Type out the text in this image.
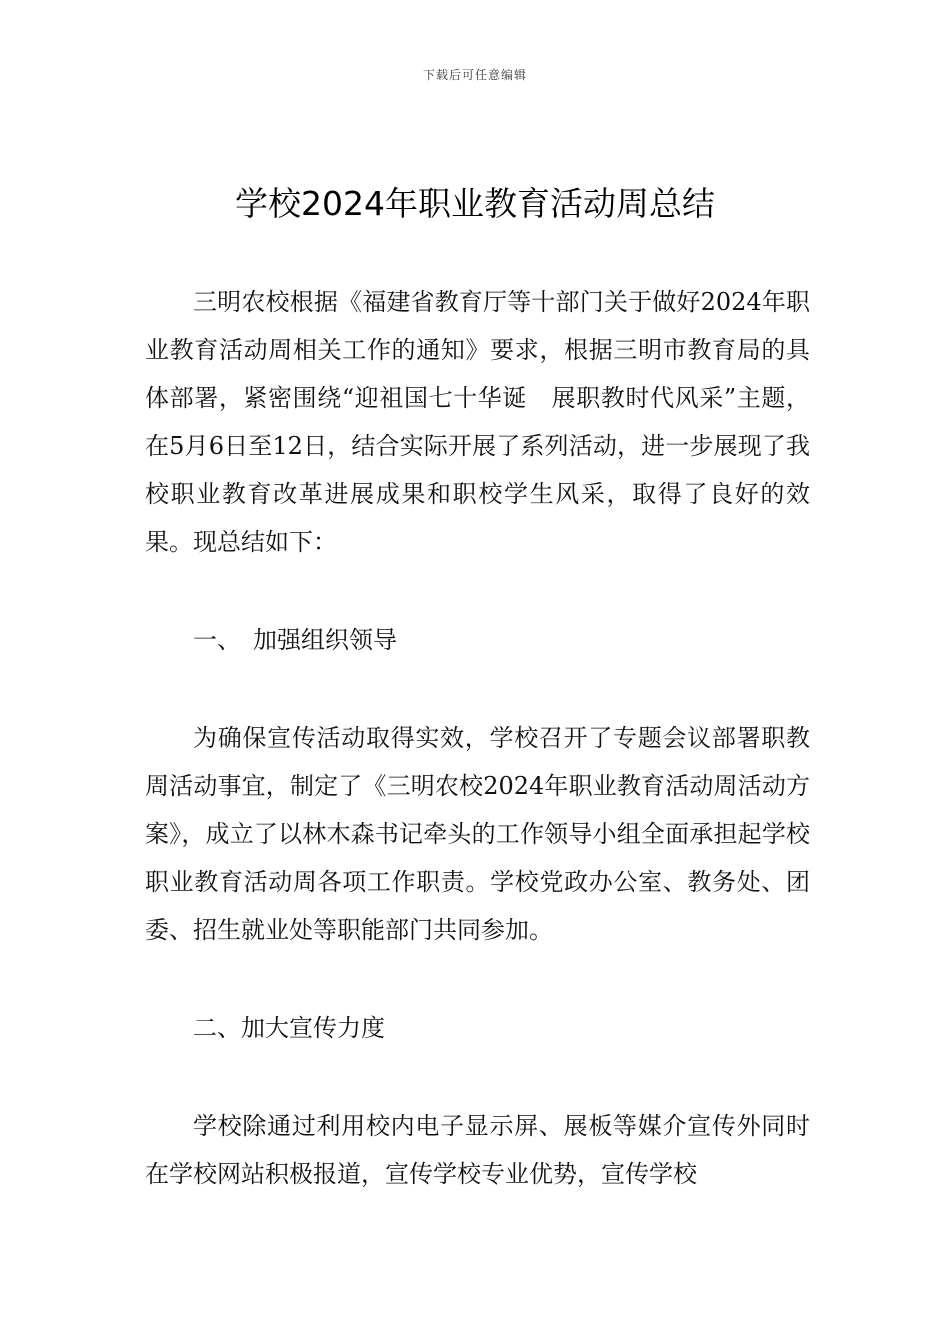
下载后可任意编辑
学校2024年职业教育活动周总结

三明农校根据《福建省教育厅等十部门关于做好2024年职业教育活动周相关工作的通知》要求，根据三明市教育局的具体部署，紧密围绕“迎祖国七十华诞　展职教时代风采”主题，在5月6日至12日，结合实际开展了系列活动，进一步展现了我校职业教育改革进展成果和职校学生风采，取得了良好的效果。现总结如下：

一、　加强组织领导

为确保宣传活动取得实效，学校召开了专题会议部署职教周活动事宜，制定了《三明农校2024年职业教育活动周活动方案》，成立了以林木森书记牵头的工作领导小组全面承担起学校职业教育活动周各项工作职责。学校党政办公室、教务处、团委、招生就业处等职能部门共同参加。

二、加大宣传力度

学校除通过利用校内电子显示屏、展板等媒介宣传外同时在学校网站积极报道，宣传学校专业优势，宣传学校
